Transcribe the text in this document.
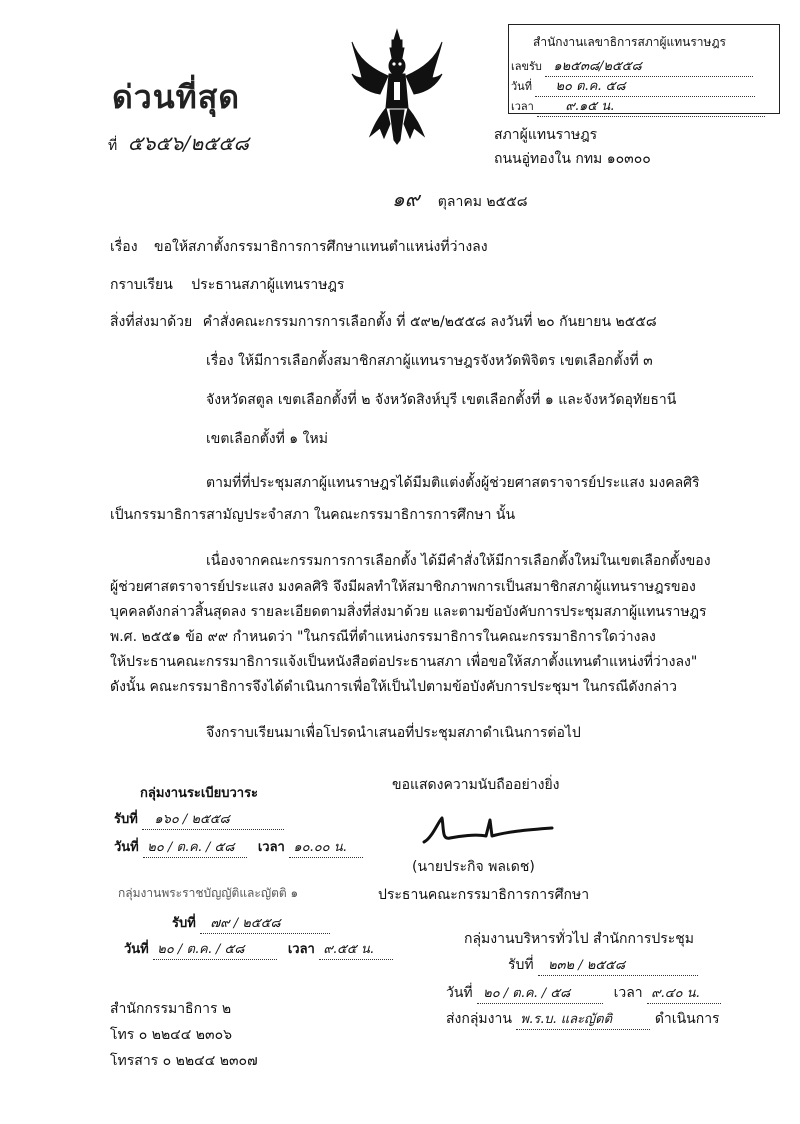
ด่วนที่สุด
ที่ ๕๖๕๖/๒๕๕๘
สำนักงานเลขาธิการสภาผู้แทนราษฎร
เลขรับ ๑๒๕๓๘/๒๕๕๘
วันที่ ๒๐ ต.ค. ๕๘
เวลา ๙.๑๕ น.
สภาผู้แทนราษฎร
ถนนอู่ทองใน กทม ๑๐๓๐๐
๑๙ ตุลาคม ๒๕๕๘
เรื่อง ขอให้สภาตั้งกรรมาธิการการศึกษาแทนตำแหน่งที่ว่างลง
กราบเรียน ประธานสภาผู้แทนราษฎร
สิ่งที่ส่งมาด้วย คำสั่งคณะกรรมการการเลือกตั้ง ที่ ๕๙๒/๒๕๕๘ ลงวันที่ ๒๐ กันยายน ๒๕๕๘
เรื่อง ให้มีการเลือกตั้งสมาชิกสภาผู้แทนราษฎรจังหวัดพิจิตร เขตเลือกตั้งที่ ๓
จังหวัดสตูล เขตเลือกตั้งที่ ๒ จังหวัดสิงห์บุรี เขตเลือกตั้งที่ ๑ และจังหวัดอุทัยธานี
เขตเลือกตั้งที่ ๑ ใหม่
ตามที่ที่ประชุมสภาผู้แทนราษฎรได้มีมติแต่งตั้งผู้ช่วยศาสตราจารย์ประแสง มงคลศิริ
เป็นกรรมาธิการสามัญประจำสภา ในคณะกรรมาธิการการศึกษา นั้น
เนื่องจากคณะกรรมการการเลือกตั้ง ได้มีคำสั่งให้มีการเลือกตั้งใหม่ในเขตเลือกตั้งของ
ผู้ช่วยศาสตราจารย์ประแสง มงคลศิริ จึงมีผลทำให้สมาชิกภาพการเป็นสมาชิกสภาผู้แทนราษฎรของ
บุคคลดังกล่าวสิ้นสุดลง รายละเอียดตามสิ่งที่ส่งมาด้วย และตามข้อบังคับการประชุมสภาผู้แทนราษฎร
พ.ศ. ๒๕๕๑ ข้อ ๙๙ กำหนดว่า "ในกรณีที่ตำแหน่งกรรมาธิการในคณะกรรมาธิการใดว่างลง
ให้ประธานคณะกรรมาธิการแจ้งเป็นหนังสือต่อประธานสภา เพื่อขอให้สภาตั้งแทนตำแหน่งที่ว่างลง"
ดังนั้น คณะกรรมาธิการจึงได้ดำเนินการเพื่อให้เป็นไปตามข้อบังคับการประชุมฯ ในกรณีดังกล่าว
จึงกราบเรียนมาเพื่อโปรดนำเสนอที่ประชุมสภาดำเนินการต่อไป
ขอแสดงความนับถืออย่างยิ่ง
(นายประกิจ พลเดช)
ประธานคณะกรรมาธิการการศึกษา
กลุ่มงานระเบียบวาระ
รับที่ ๑๖๐ / ๒๕๕๘
วันที่ ๒๐ / ต.ค. / ๕๘ เวลา ๑๐.๐๐ น.
กลุ่มงานพระราชบัญญัติและญัตติ ๑
รับที่ ๗๙ / ๒๕๕๘
วันที่ ๒๐ / ต.ค. / ๕๘	เวลา ๙.๕๕ น.
กลุ่มงานบริหารทั่วไป สำนักการประชุม
รับที่ ๒๓๒ / ๒๕๕๘
วันที่ ๒๐ / ต.ค. / ๕๘	เวลา ๙.๔๐ น.
ส่งกลุ่มงาน พ.ร.บ. และญัตติ	ดำเนินการ
สำนักกรรมาธิการ ๒
โทร ๐ ๒๒๔๔ ๒๓๐๖
โทรสาร ๐ ๒๒๔๔ ๒๓๐๗
